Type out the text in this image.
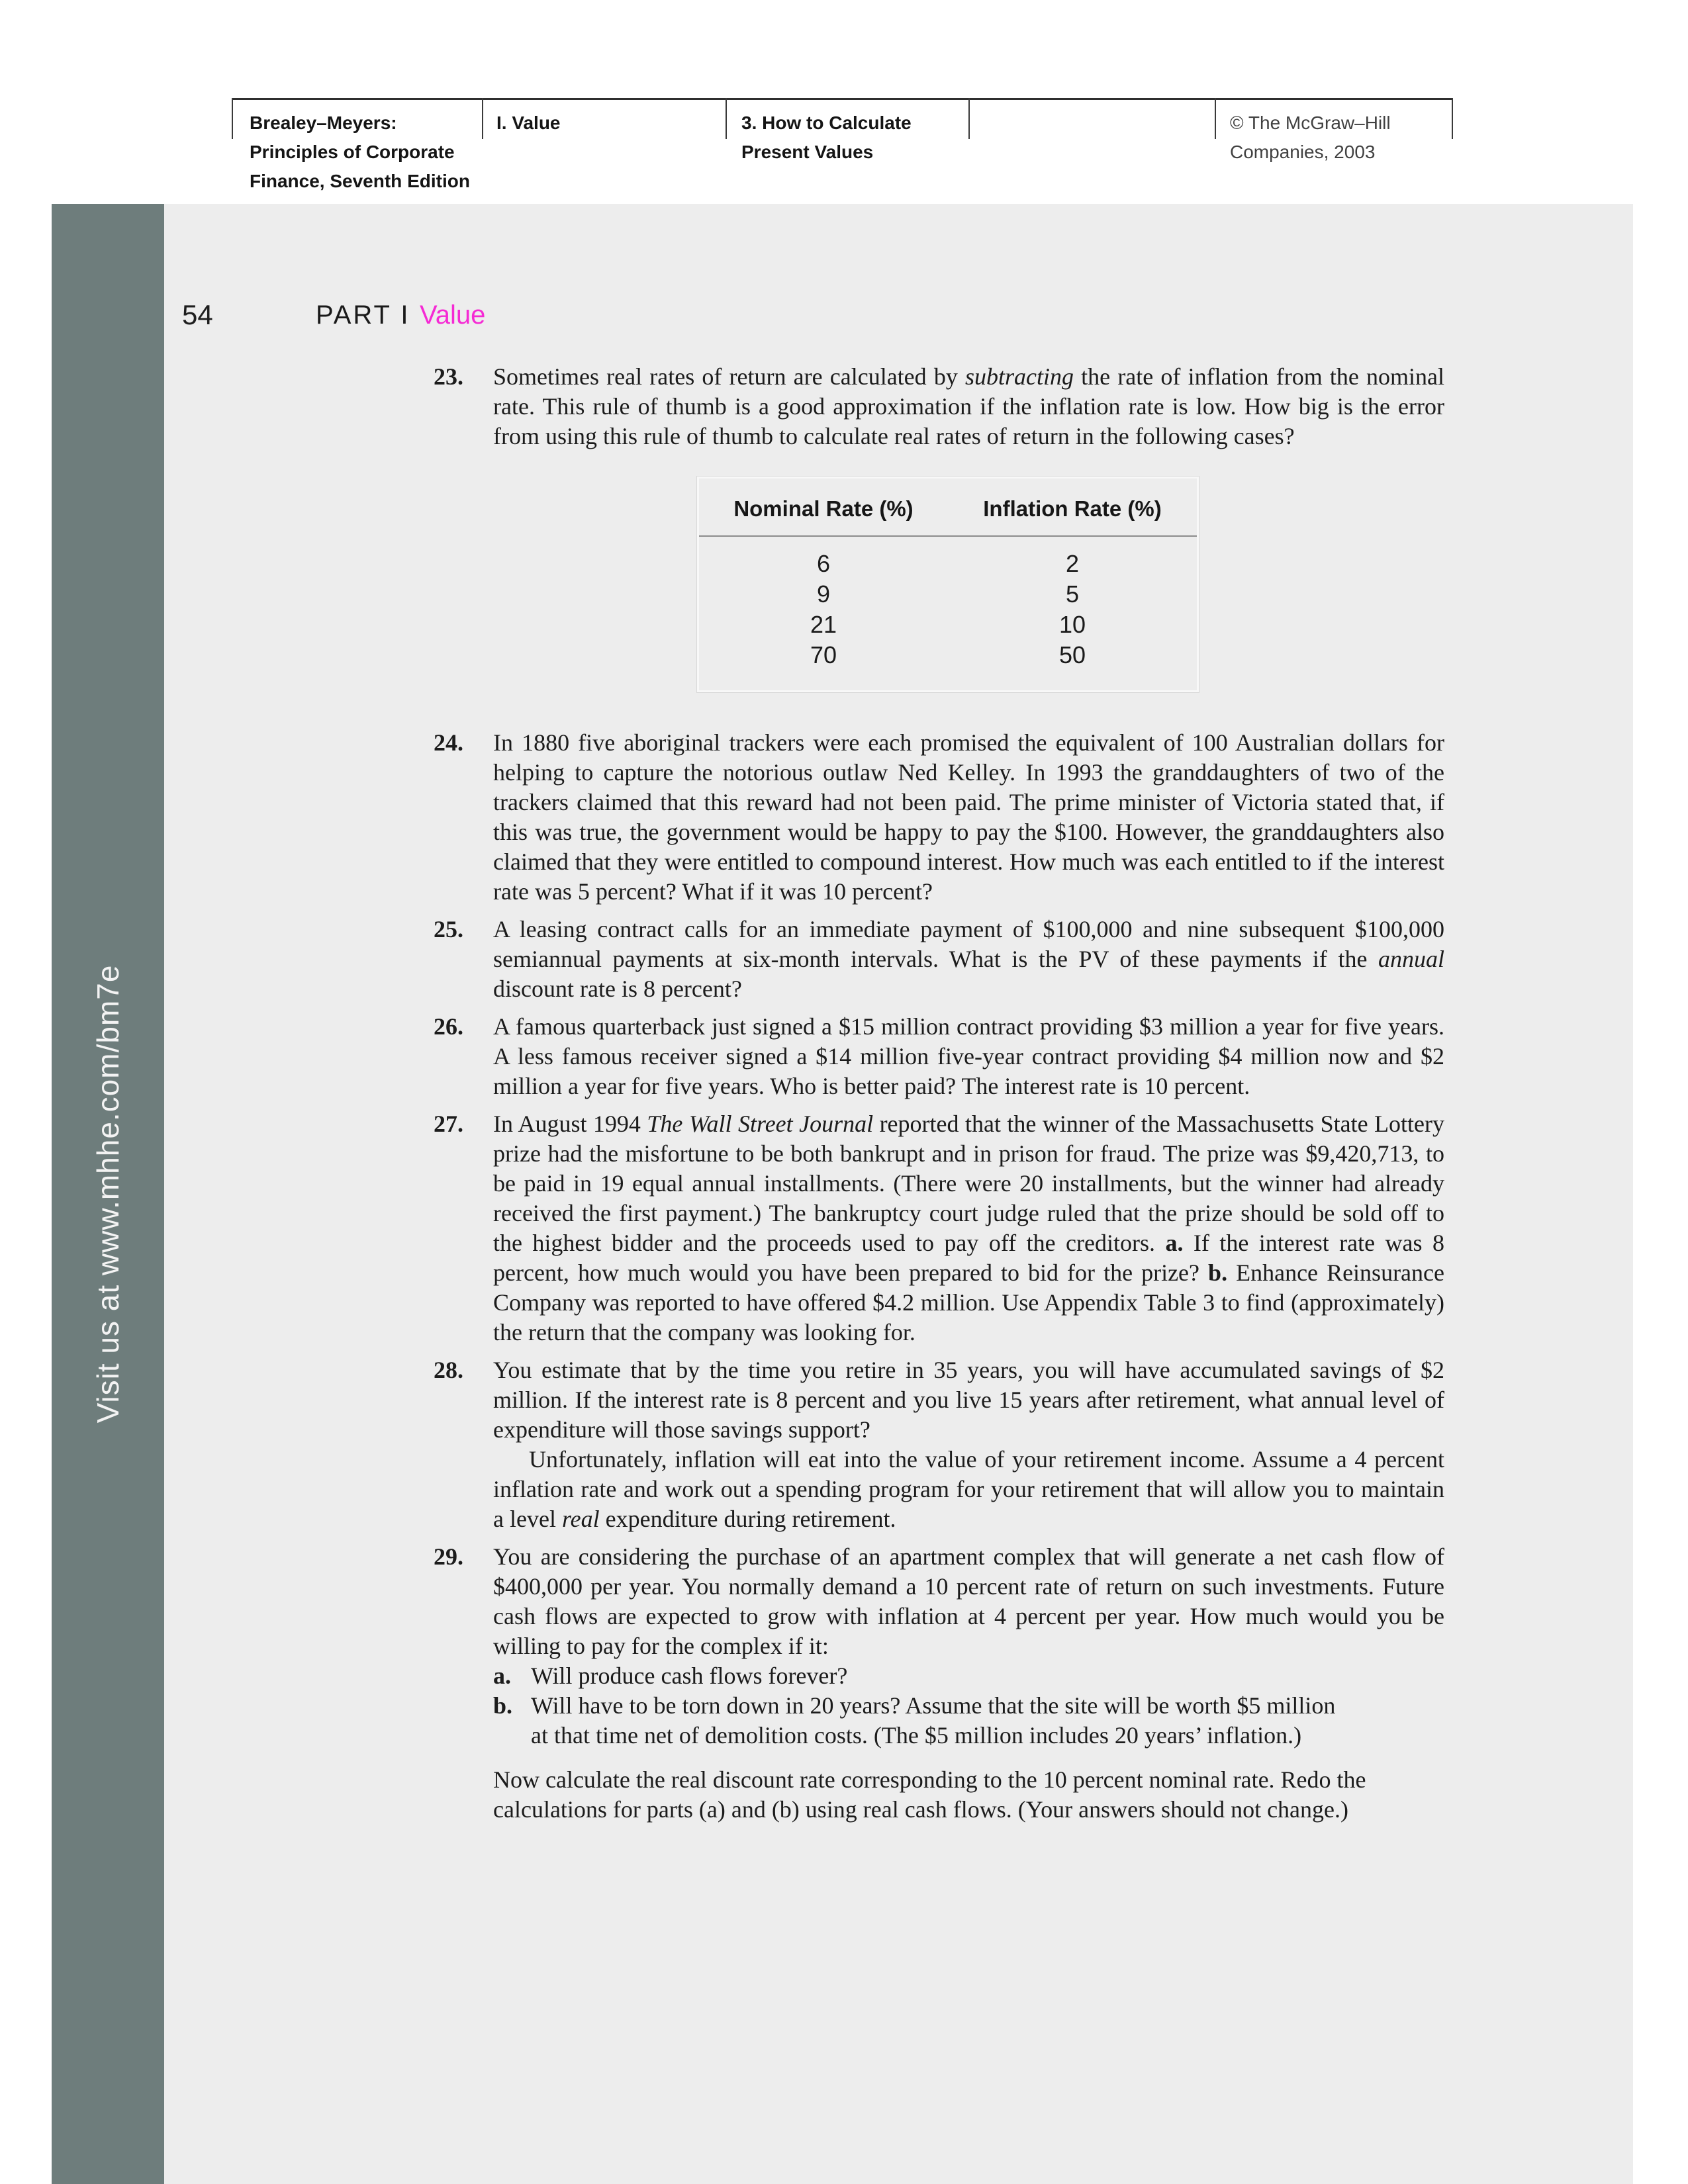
Brealey–Meyers:
Principles of Corporate
Finance, Seventh Edition
I. Value	3. How to Calculate
Present Values
© The McGraw–Hill
Companies, 2003
Visit us at www.mhhe.com/bm7e
54	PART I Value
23. Sometimes real rates of return are calculated by subtracting the rate of inflation from the nominal rate. This rule of thumb is a good approximation if the inflation rate is low. How big is the error from using this rule of thumb to calculate real rates of return in the following cases?
Nominal Rate (%)	Inflation Rate (%)
6	2
9	5
21	10
70	50
24. In 1880 five aboriginal trackers were each promised the equivalent of 100 Australian dollars for helping to capture the notorious outlaw Ned Kelley. In 1993 the granddaughters of two of the trackers claimed that this reward had not been paid. The prime minister of Victoria stated that, if this was true, the government would be happy to pay the $100. However, the granddaughters also claimed that they were entitled to compound interest. How much was each entitled to if the interest rate was 5 percent? What if it was 10 percent?
25. A leasing contract calls for an immediate payment of $100,000 and nine subsequent $100,000 semiannual payments at six-month intervals. What is the PV of these payments if the annual discount rate is 8 percent?
26. A famous quarterback just signed a $15 million contract providing $3 million a year for five years. A less famous receiver signed a $14 million five-year contract providing $4 million now and $2 million a year for five years. Who is better paid? The interest rate is 10 percent.
27. In August 1994 The Wall Street Journal reported that the winner of the Massachusetts State Lottery prize had the misfortune to be both bankrupt and in prison for fraud. The prize was $9,420,713, to be paid in 19 equal annual installments. (There were 20 installments, but the winner had already received the first payment.) The bankruptcy court judge ruled that the prize should be sold off to the highest bidder and the proceeds used to pay off the creditors. a. If the interest rate was 8 percent, how much would you have been prepared to bid for the prize? b. Enhance Reinsurance Company was reported to have offered $4.2 million. Use Appendix Table 3 to find (approximately) the return that the company was looking for.
28. You estimate that by the time you retire in 35 years, you will have accumulated savings of $2 million. If the interest rate is 8 percent and you live 15 years after retirement, what annual level of expenditure will those savings support?
Unfortunately, inflation will eat into the value of your retirement income. Assume a 4 percent inflation rate and work out a spending program for your retirement that will allow you to maintain a level real expenditure during retirement.
29. You are considering the purchase of an apartment complex that will generate a net cash flow of $400,000 per year. You normally demand a 10 percent rate of return on such investments. Future cash flows are expected to grow with inflation at 4 percent per year. How much would you be willing to pay for the complex if it:
a. Will produce cash flows forever?
b. Will have to be torn down in 20 years? Assume that the site will be worth $5 million at that time net of demolition costs. (The $5 million includes 20 years’ inflation.)
Now calculate the real discount rate corresponding to the 10 percent nominal rate. Redo the calculations for parts (a) and (b) using real cash flows. (Your answers should not change.)
